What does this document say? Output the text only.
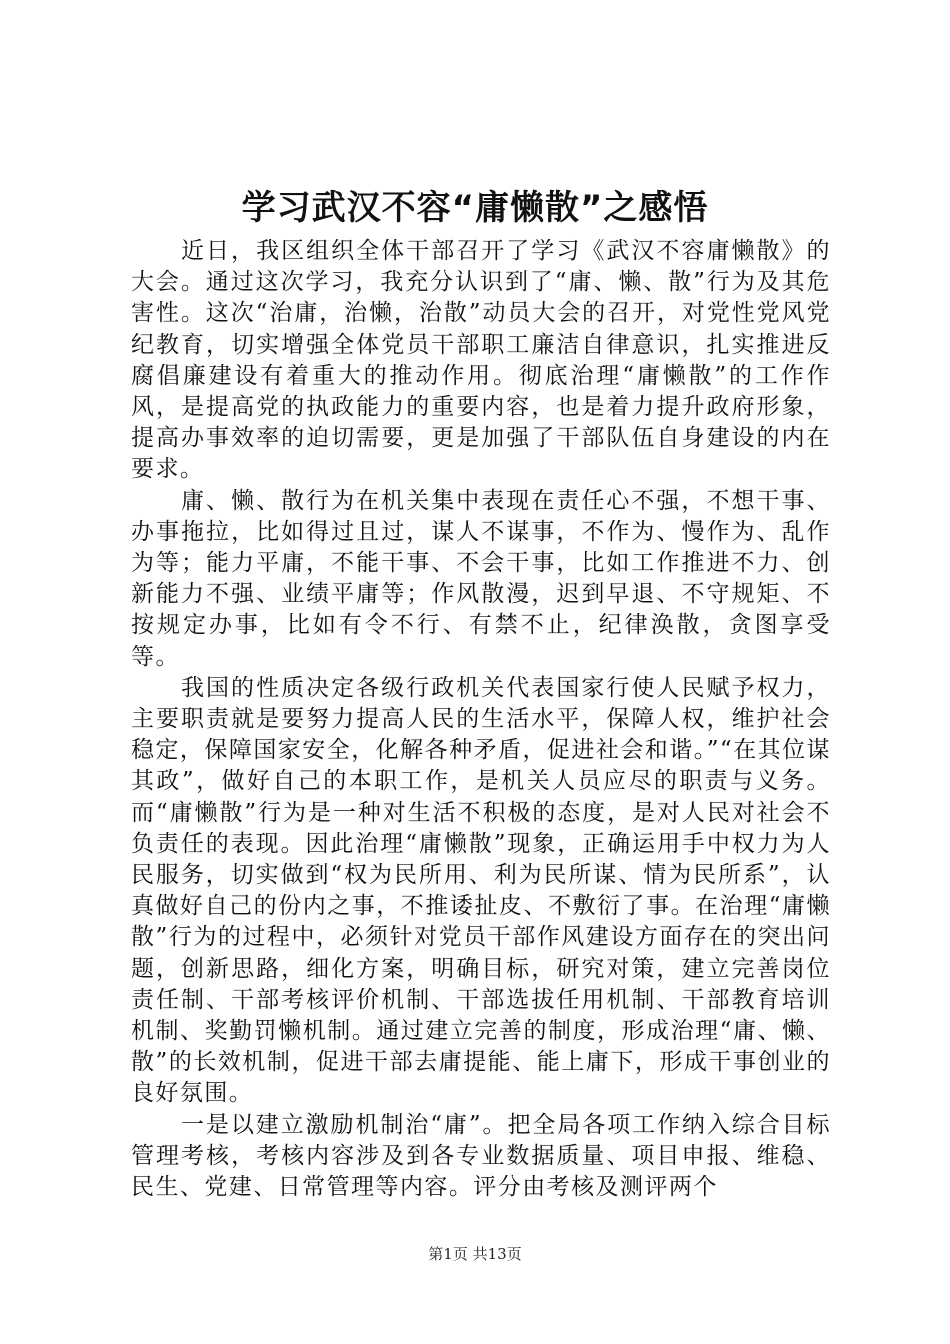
学习武汉不容“庸懒散”之感悟

近日，我区组织全体干部召开了学习《武汉不容庸懒散》的大会。通过这次学习，我充分认识到了“庸、懒、散”行为及其危害性。这次“治庸，治懒，治散”动员大会的召开，对党性党风党纪教育，切实增强全体党员干部职工廉洁自律意识，扎实推进反腐倡廉建设有着重大的推动作用。彻底治理“庸懒散”的工作作风，是提高党的执政能力的重要内容，也是着力提升政府形象，提高办事效率的迫切需要，更是加强了干部队伍自身建设的内在要求。

庸、懒、散行为在机关集中表现在责任心不强，不想干事、办事拖拉，比如得过且过，谋人不谋事，不作为、慢作为、乱作为等；能力平庸，不能干事、不会干事，比如工作推进不力、创新能力不强、业绩平庸等；作风散漫，迟到早退、不守规矩、不按规定办事，比如有令不行、有禁不止，纪律涣散，贪图享受等。

我国的性质决定各级行政机关代表国家行使人民赋予权力，主要职责就是要努力提高人民的生活水平，保障人权，维护社会稳定，保障国家安全，化解各种矛盾，促进社会和谐。”“在其位谋其政”，做好自己的本职工作，是机关人员应尽的职责与义务。而“庸懒散”行为是一种对生活不积极的态度，是对人民对社会不负责任的表现。因此治理“庸懒散”现象，正确运用手中权力为人民服务，切实做到“权为民所用、利为民所谋、情为民所系”，认真做好自己的份内之事，不推诿扯皮、不敷衍了事。在治理“庸懒散”行为的过程中，必须针对党员干部作风建设方面存在的突出问题，创新思路，细化方案，明确目标，研究对策，建立完善岗位责任制、干部考核评价机制、干部选拔任用机制、干部教育培训机制、奖勤罚懒机制。通过建立完善的制度，形成治理“庸、懒、散”的长效机制，促进干部去庸提能、能上庸下，形成干事创业的良好氛围。

一是以建立激励机制治“庸”。把全局各项工作纳入综合目标管理考核，考核内容涉及到各专业数据质量、项目申报、维稳、民生、党建、日常管理等内容。评分由考核及测评两个

第1页 共13页
